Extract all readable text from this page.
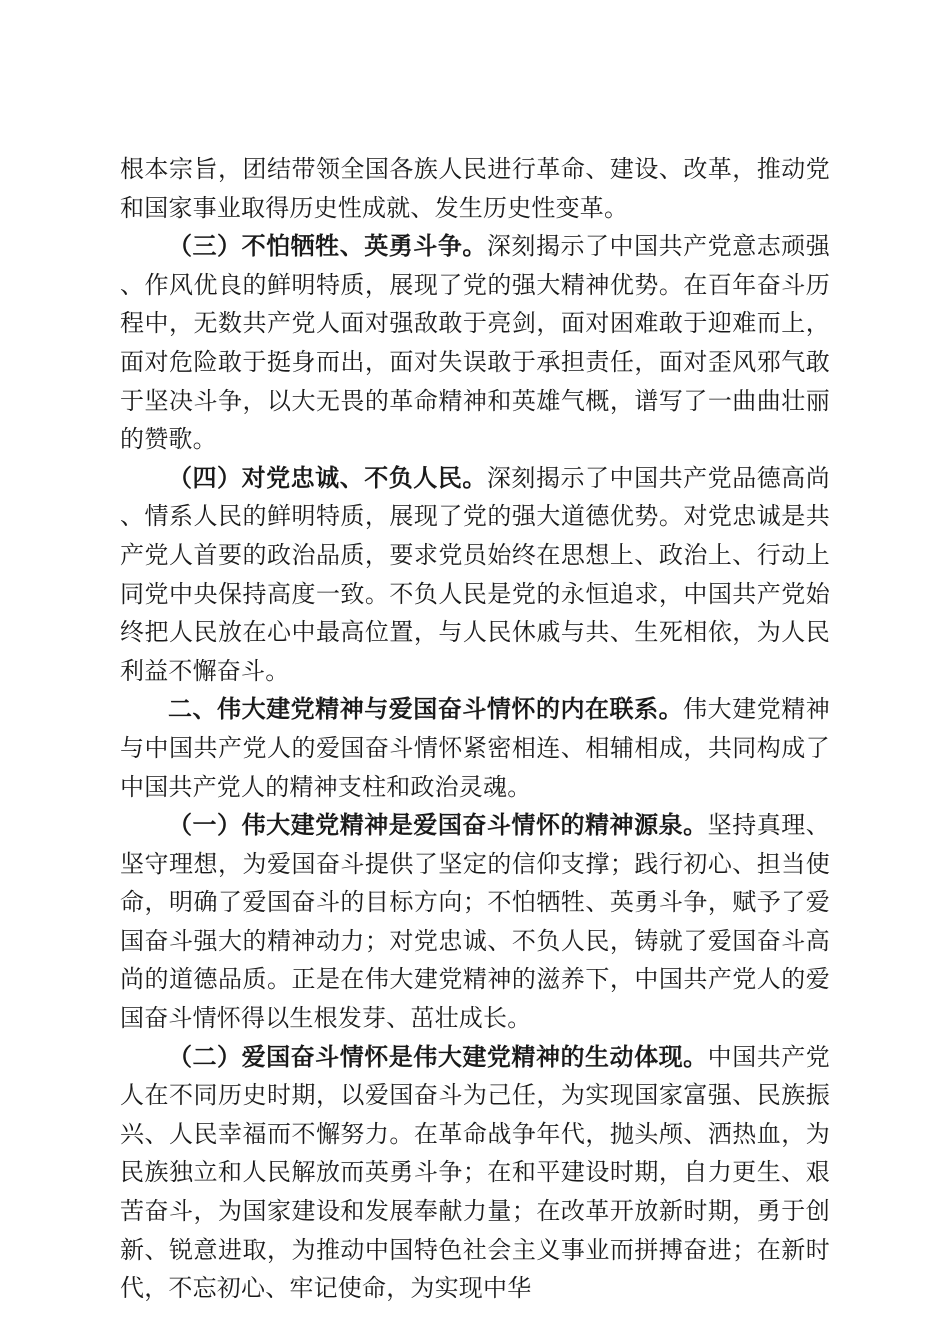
根本宗旨，团结带领全国各族人民进行革命、建设、改革，推动党和国家事业取得历史性成就、发生历史性变革。

（三）不怕牺牲、英勇斗争。深刻揭示了中国共产党意志顽强、作风优良的鲜明特质，展现了党的强大精神优势。在百年奋斗历程中，无数共产党人面对强敌敢于亮剑，面对困难敢于迎难而上，面对危险敢于挺身而出，面对失误敢于承担责任，面对歪风邪气敢于坚决斗争，以大无畏的革命精神和英雄气概，谱写了一曲曲壮丽的赞歌。

（四）对党忠诚、不负人民。深刻揭示了中国共产党品德高尚、情系人民的鲜明特质，展现了党的强大道德优势。对党忠诚是共产党人首要的政治品质，要求党员始终在思想上、政治上、行动上同党中央保持高度一致。不负人民是党的永恒追求，中国共产党始终把人民放在心中最高位置，与人民休戚与共、生死相依，为人民利益不懈奋斗。

二、伟大建党精神与爱国奋斗情怀的内在联系。伟大建党精神与中国共产党人的爱国奋斗情怀紧密相连、相辅相成，共同构成了中国共产党人的精神支柱和政治灵魂。

（一）伟大建党精神是爱国奋斗情怀的精神源泉。坚持真理、坚守理想，为爱国奋斗提供了坚定的信仰支撑；践行初心、担当使命，明确了爱国奋斗的目标方向；不怕牺牲、英勇斗争，赋予了爱国奋斗强大的精神动力；对党忠诚、不负人民，铸就了爱国奋斗高尚的道德品质。正是在伟大建党精神的滋养下，中国共产党人的爱国奋斗情怀得以生根发芽、茁壮成长。

（二）爱国奋斗情怀是伟大建党精神的生动体现。中国共产党人在不同历史时期，以爱国奋斗为己任，为实现国家富强、民族振兴、人民幸福而不懈努力。在革命战争年代，抛头颅、洒热血，为民族独立和人民解放而英勇斗争；在和平建设时期，自力更生、艰苦奋斗，为国家建设和发展奉献力量；在改革开放新时期，勇于创新、锐意进取，为推动中国特色社会主义事业而拼搏奋进；在新时代，不忘初心、牢记使命，为实现中华
